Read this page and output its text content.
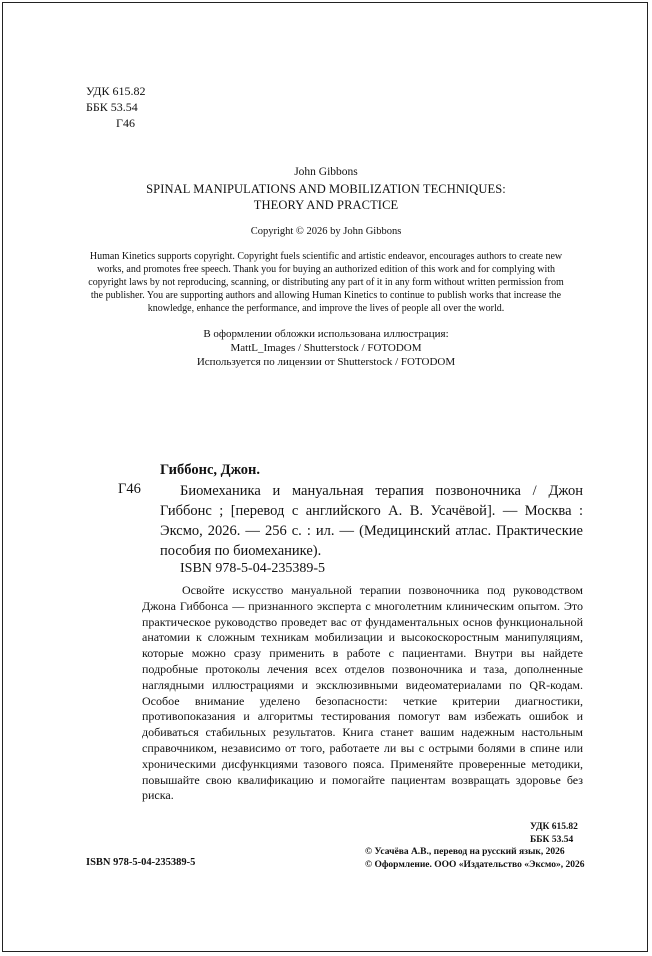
УДК 615.82
ББК 53.54
Г46
John Gibbons
SPINAL MANIPULATIONS AND MOBILIZATION TECHNIQUES:
THEORY AND PRACTICE
Copyright © 2026 by John Gibbons
Human Kinetics supports copyright. Copyright fuels scientific and artistic endeavor, encourages authors to create new works, and promotes free speech. Thank you for buying an authorized edition of this work and for complying with copyright laws by not reproducing, scanning, or distributing any part of it in any form without written permission from the publisher. You are supporting authors and allowing Human Kinetics to continue to publish works that increase the knowledge, enhance the performance, and improve the lives of people all over the world.
В оформлении обложки использована иллюстрация:
MattL_Images / Shutterstock / FOTODOM
Используется по лицензии от Shutterstock / FOTODOM
Гиббонс, Джон.
Г46	Биомеханика и мануальная терапия позвоночника / Джон Гиббонс ; [перевод с английского А. В. Усачёвой]. — Москва : Эксмо, 2026. — 256 с. : ил. — (Медицинский атлас. Практические пособия по биомеханике).
ISBN 978-5-04-235389-5
Освойте искусство мануальной терапии позвоночника под руководством Джона Гиббонса — признанного эксперта с многолетним клиническим опытом. Это практическое руководство проведет вас от фундаментальных основ функциональной анатомии к сложным техникам мобилизации и высокоскоростным манипуляциям, которые можно сразу применить в работе с пациентами. Внутри вы найдете подробные протоколы лечения всех отделов позвоночника и таза, дополненные наглядными иллюстрациями и эксклюзивными видеоматериалами по QR-кодам. Особое внимание уделено безопасности: четкие критерии диагностики, противопоказания и алгоритмы тестирования помогут вам избежать ошибок и добиваться стабильных результатов. Книга станет вашим надежным настольным справочником, независимо от того, работаете ли вы с острыми болями в спине или хроническими дисфункциями тазового пояса. Применяйте проверенные методики, повышайте свою квалификацию и помогайте пациентам возвращать здоровье без риска.
УДК 615.82
ББК 53.54
ISBN 978-5-04-235389-5
© Усачёва А.В., перевод на русский язык, 2026
© Оформление. ООО «Издательство «Эксмо», 2026
